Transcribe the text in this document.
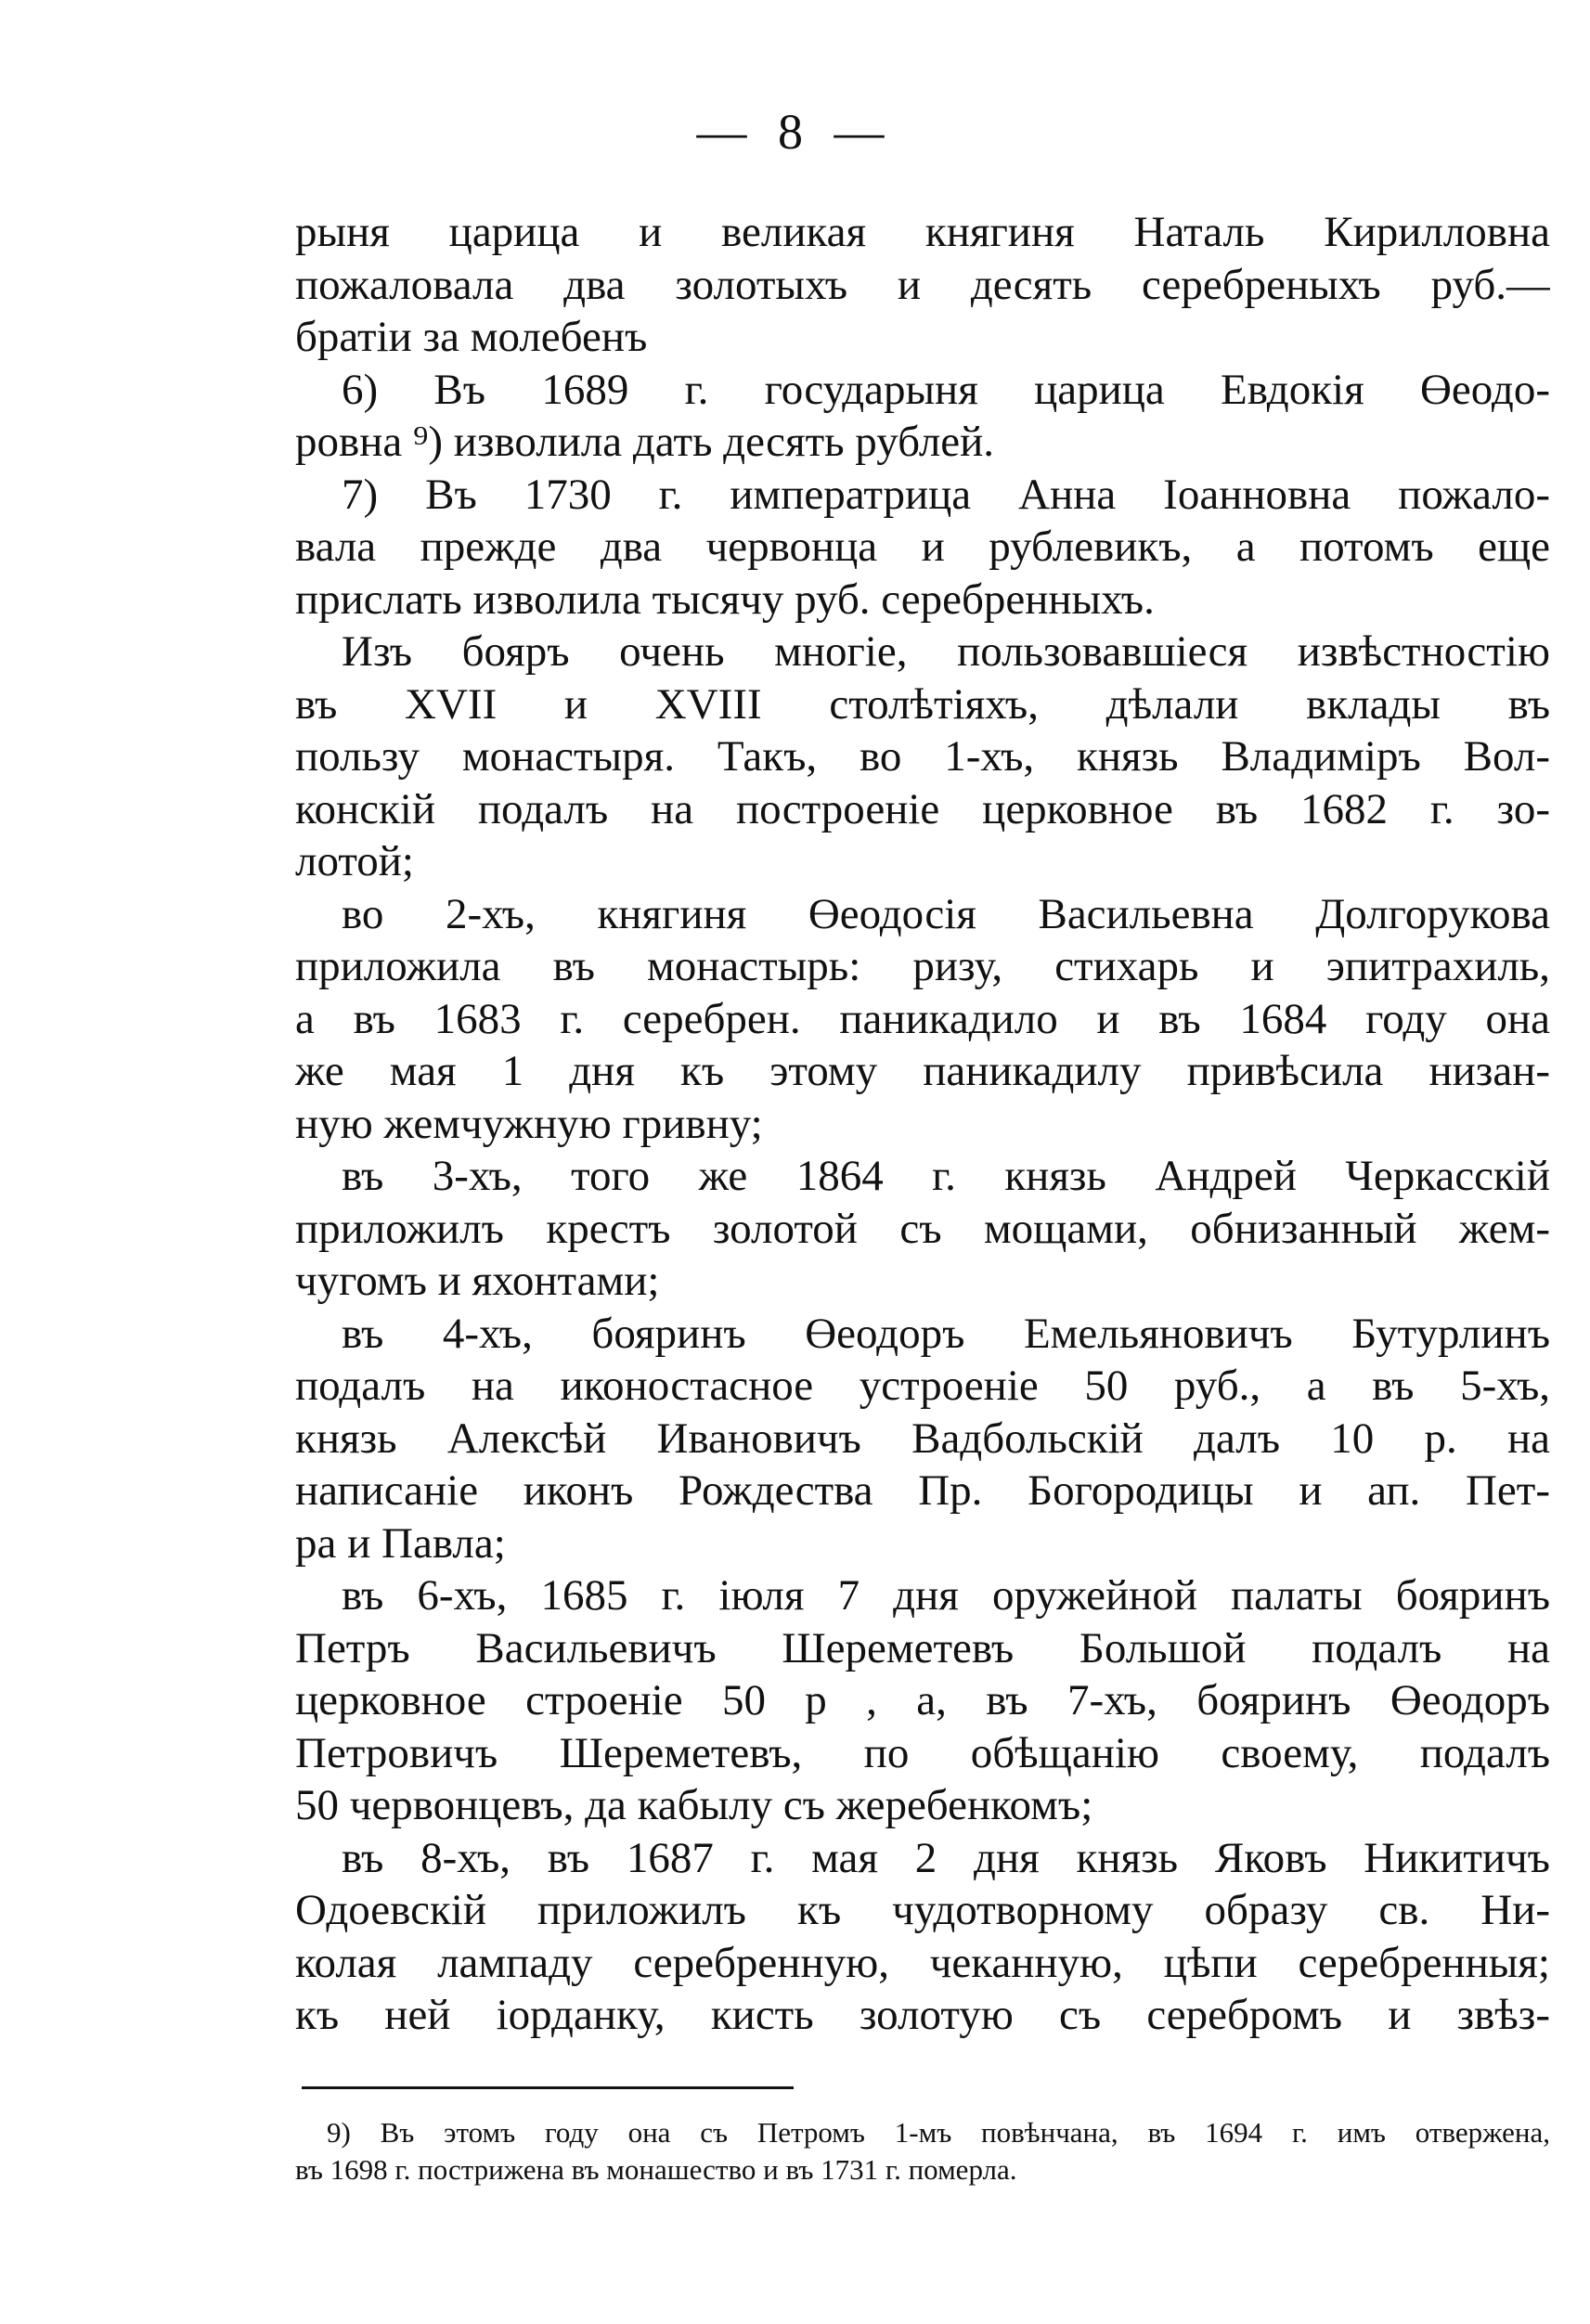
— 8 —
рыня царица и великая княгиня Наталь Кирилловна
пожаловала два золотыхъ и десять серебреныхъ руб.—
братіи за молебенъ
6) Въ 1689 г. государыня царица Евдокія Өеодо-
ровна ⁹) изволила дать десять рублей.
7) Въ 1730 г. императрица Анна Іоанновна пожало-
вала прежде два червонца и рублевикъ, а потомъ еще
прислать изволила тысячу руб. серебренныхъ.
Изъ бояръ очень многіе, пользовавшіеся извѣстностію
въ XVII и XVIII столѣтіяхъ, дѣлали вклады въ
пользу монастыря. Такъ, во 1-хъ, князь Владиміръ Вол-
конскій подалъ на построеніе церковное въ 1682 г. зо-
лотой;
во 2-хъ, княгиня Өеодосія Васильевна Долгорукова
приложила въ монастырь: ризу, стихарь и эпитрахиль,
а въ 1683 г. серебрен. паникадило и въ 1684 году она
же мая 1 дня къ этому паникадилу привѣсила низан-
ную жемчужную гривну;
въ 3-хъ, того же 1864 г. князь Андрей Черкасскій
приложилъ крестъ золотой съ мощами, обнизанный жем-
чугомъ и яхонтами;
въ 4-хъ, бояринъ Өеодоръ Емельяновичъ Бутурлинъ
подалъ на иконостасное устроеніе 50 руб., а въ 5-хъ,
князь Алексѣй Ивановичъ Вадбольскій далъ 10 р. на
написаніе иконъ Рождества Пр. Богородицы и ап. Пет-
ра и Павла;
въ 6-хъ, 1685 г. іюля 7 дня оружейной палаты бояринъ
Петръ Васильевичъ Шереметевъ Большой подалъ на
церковное строеніе 50 р , а, въ 7-хъ, бояринъ Өеодоръ
Петровичъ Шереметевъ, по обѣщанію своему, подалъ
50 червонцевъ, да кабылу съ жеребенкомъ;
въ 8-хъ, въ 1687 г. мая 2 дня князь Яковъ Никитичъ
Одоевскій приложилъ къ чудотворному образу св. Ни-
колая лампаду серебренную, чеканную, цѣпи серебренныя;
къ ней іорданку, кисть золотую съ серебромъ и звѣз-
9) Въ этомъ году она съ Петромъ 1-мъ повѣнчана, въ 1694 г. имъ отвержена,
въ 1698 г. пострижена въ монашество и въ 1731 г. померла.
